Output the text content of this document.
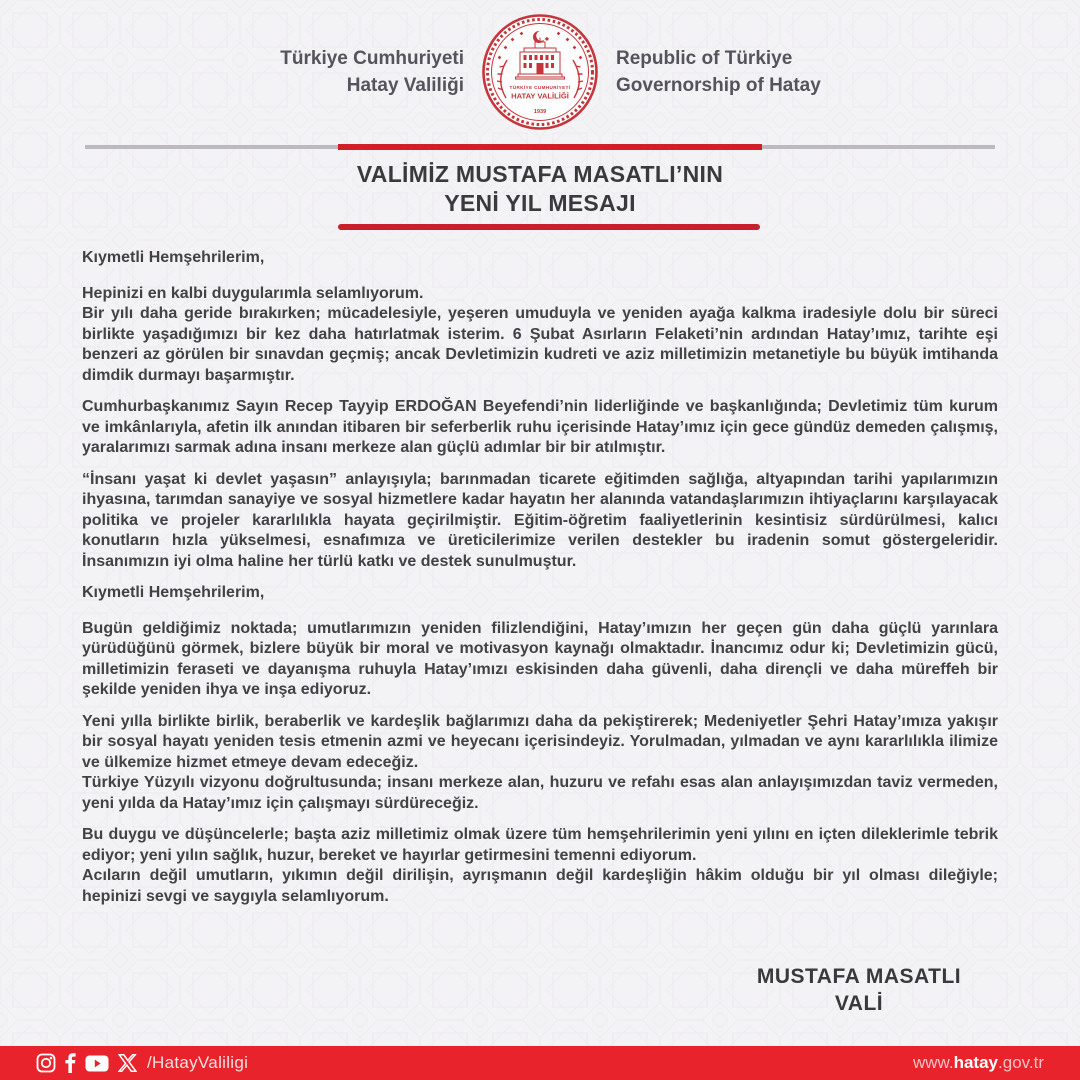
Türkiye Cumhuriyeti
Hatay Valiliği	TÜRKİYE CUMHURİYETİ
HATAY VALİLİĞİ
1939
Republic of Türkiye
Governorship of Hatay
VALİMİZ MUSTAFA MASATLI’NIN
YENİ YIL MESAJI
Kıymetli Hemşehrilerim,
Hepinizi en kalbi duygularımla selamlıyorum.
Bir yılı daha geride bırakırken; mücadelesiyle, yeşeren umuduyla ve yeniden ayağa kalkma iradesiyle dolu bir süreci birlikte yaşadığımızı bir kez daha hatırlatmak isterim. 6 Şubat Asırların Felaketi’nin ardından Hatay’ımız, tarihte eşi benzeri az görülen bir sınavdan geçmiş; ancak Devletimizin kudreti ve aziz milletimizin metanetiyle bu büyük imtihanda dimdik durmayı başarmıştır.
Cumhurbaşkanımız Sayın Recep Tayyip ERDOĞAN Beyefendi’nin liderliğinde ve başkanlığında; Devletimiz tüm kurum ve imkânlarıyla, afetin ilk anından itibaren bir seferberlik ruhu içerisinde Hatay’ımız için gece gündüz demeden çalışmış, yaralarımızı sarmak adına insanı merkeze alan güçlü adımlar bir bir atılmıştır.
“İnsanı yaşat ki devlet yaşasın” anlayışıyla; barınmadan ticarete eğitimden sağlığa, altyapından tarihi yapılarımızın ihyasına, tarımdan sanayiye ve sosyal hizmetlere kadar hayatın her alanında vatandaşlarımızın ihtiyaçlarını karşılayacak politika ve projeler kararlılıkla hayata geçirilmiştir. Eğitim-öğretim faaliyetlerinin kesintisiz sürdürülmesi, kalıcı konutların hızla yükselmesi, esnafımıza ve üreticilerimize verilen destekler bu iradenin somut göstergeleridir. İnsanımızın iyi olma haline her türlü katkı ve destek sunulmuştur.
Kıymetli Hemşehrilerim,
Bugün geldiğimiz noktada; umutlarımızın yeniden filizlendiğini, Hatay’ımızın her geçen gün daha güçlü yarınlara yürüdüğünü görmek, bizlere büyük bir moral ve motivasyon kaynağı olmaktadır. İnancımız odur ki; Devletimizin gücü, milletimizin feraseti ve dayanışma ruhuyla Hatay’ımızı eskisinden daha güvenli, daha dirençli ve daha müreffeh bir şekilde yeniden ihya ve inşa ediyoruz.
Yeni yılla birlikte birlik, beraberlik ve kardeşlik bağlarımızı daha da pekiştirerek; Medeniyetler Şehri Hatay’ımıza yakışır bir sosyal hayatı yeniden tesis etmenin azmi ve heyecanı içerisindeyiz. Yorulmadan, yılmadan ve aynı kararlılıkla ilimize ve ülkemize hizmet etmeye devam edeceğiz.
Türkiye Yüzyılı vizyonu doğrultusunda; insanı merkeze alan, huzuru ve refahı esas alan anlayışımızdan taviz vermeden, yeni yılda da Hatay’ımız için çalışmayı sürdüreceğiz.
Bu duygu ve düşüncelerle; başta aziz milletimiz olmak üzere tüm hemşehrilerimin yeni yılını en içten dileklerimle tebrik ediyor; yeni yılın sağlık, huzur, bereket ve hayırlar getirmesini temenni ediyorum.
Acıların değil umutların, yıkımın değil dirilişin, ayrışmanın değil kardeşliğin hâkim olduğu bir yıl olması dileğiyle; hepinizi sevgi ve saygıyla selamlıyorum.
MUSTAFA MASATLI
VALİ
/HatayValiligi	www.hatay.gov.tr
